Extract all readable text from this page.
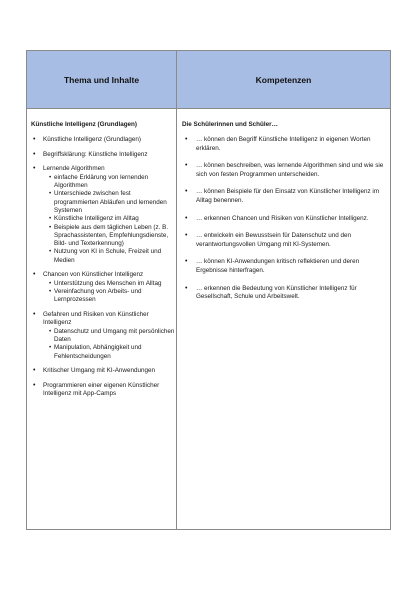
Thema und Inhalte	Kompetenzen
Künstliche Intelligenz (Grundlagen)
• Künstliche Intelligenz (Grundlagen)
• Begriffsklärung: Künstliche Intelligenz
• Lernende Algorithmen
• einfache Erklärung von lernenden Algorithmen
• Unterschiede zwischen fest programmierten Abläufen und lernenden Systemen
• Künstliche Intelligenz im Alltag
• Beispiele aus dem täglichen Leben (z. B. Sprachassistenten, Empfehlungsdienste, Bild- und Texterkennung)
• Nutzung von KI in Schule, Freizeit und Medien
• Chancen von Künstlicher Intelligenz
• Unterstützung des Menschen im Alltag
• Vereinfachung von Arbeits- und Lernprozessen
• Gefahren und Risiken von Künstlicher Intelligenz
• Datenschutz und Umgang mit persönlichen Daten
• Manipulation, Abhängigkeit und Fehlentscheidungen
• Kritischer Umgang mit KI-Anwendungen
• Programmieren einer eigenen Künstlicher Intelligenz mit App-Camps
Die Schülerinnen und Schüler…
• … können den Begriff Künstliche Intelligenz in eigenen Worten erklären.
• … können beschreiben, was lernende Algorithmen sind und wie sie sich von festen Programmen unterscheiden.
• … können Beispiele für den Einsatz von Künstlicher Intelligenz im Alltag benennen.
• … erkennen Chancen und Risiken von Künstlicher Intelligenz.
• … entwickeln ein Bewusstsein für Datenschutz und den verantwortungsvollen Umgang mit KI-Systemen.
• … können KI-Anwendungen kritisch reflektieren und deren Ergebnisse hinterfragen.
• … erkennen die Bedeutung von Künstlicher Intelligenz für Gesellschaft, Schule und Arbeitswelt.
